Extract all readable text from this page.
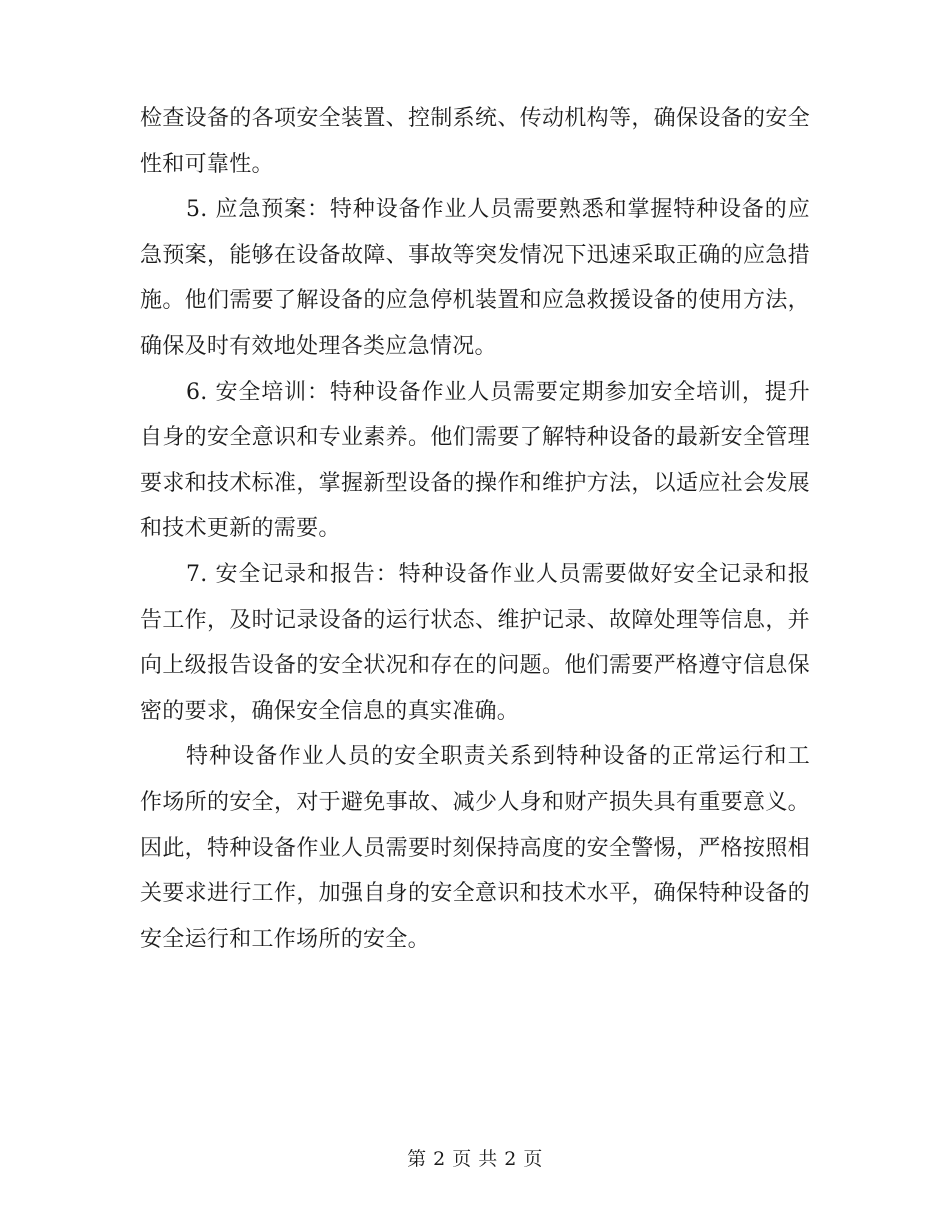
检查设备的各项安全装置、控制系统、传动机构等，确保设备的安全性和可靠性。

5. 应急预案：特种设备作业人员需要熟悉和掌握特种设备的应急预案，能够在设备故障、事故等突发情况下迅速采取正确的应急措施。他们需要了解设备的应急停机装置和应急救援设备的使用方法，确保及时有效地处理各类应急情况。

6. 安全培训：特种设备作业人员需要定期参加安全培训，提升自身的安全意识和专业素养。他们需要了解特种设备的最新安全管理要求和技术标准，掌握新型设备的操作和维护方法，以适应社会发展和技术更新的需要。

7. 安全记录和报告：特种设备作业人员需要做好安全记录和报告工作，及时记录设备的运行状态、维护记录、故障处理等信息，并向上级报告设备的安全状况和存在的问题。他们需要严格遵守信息保密的要求，确保安全信息的真实准确。

特种设备作业人员的安全职责关系到特种设备的正常运行和工作场所的安全，对于避免事故、减少人身和财产损失具有重要意义。因此，特种设备作业人员需要时刻保持高度的安全警惕，严格按照相关要求进行工作，加强自身的安全意识和技术水平，确保特种设备的安全运行和工作场所的安全。

第 2 页 共 2 页
